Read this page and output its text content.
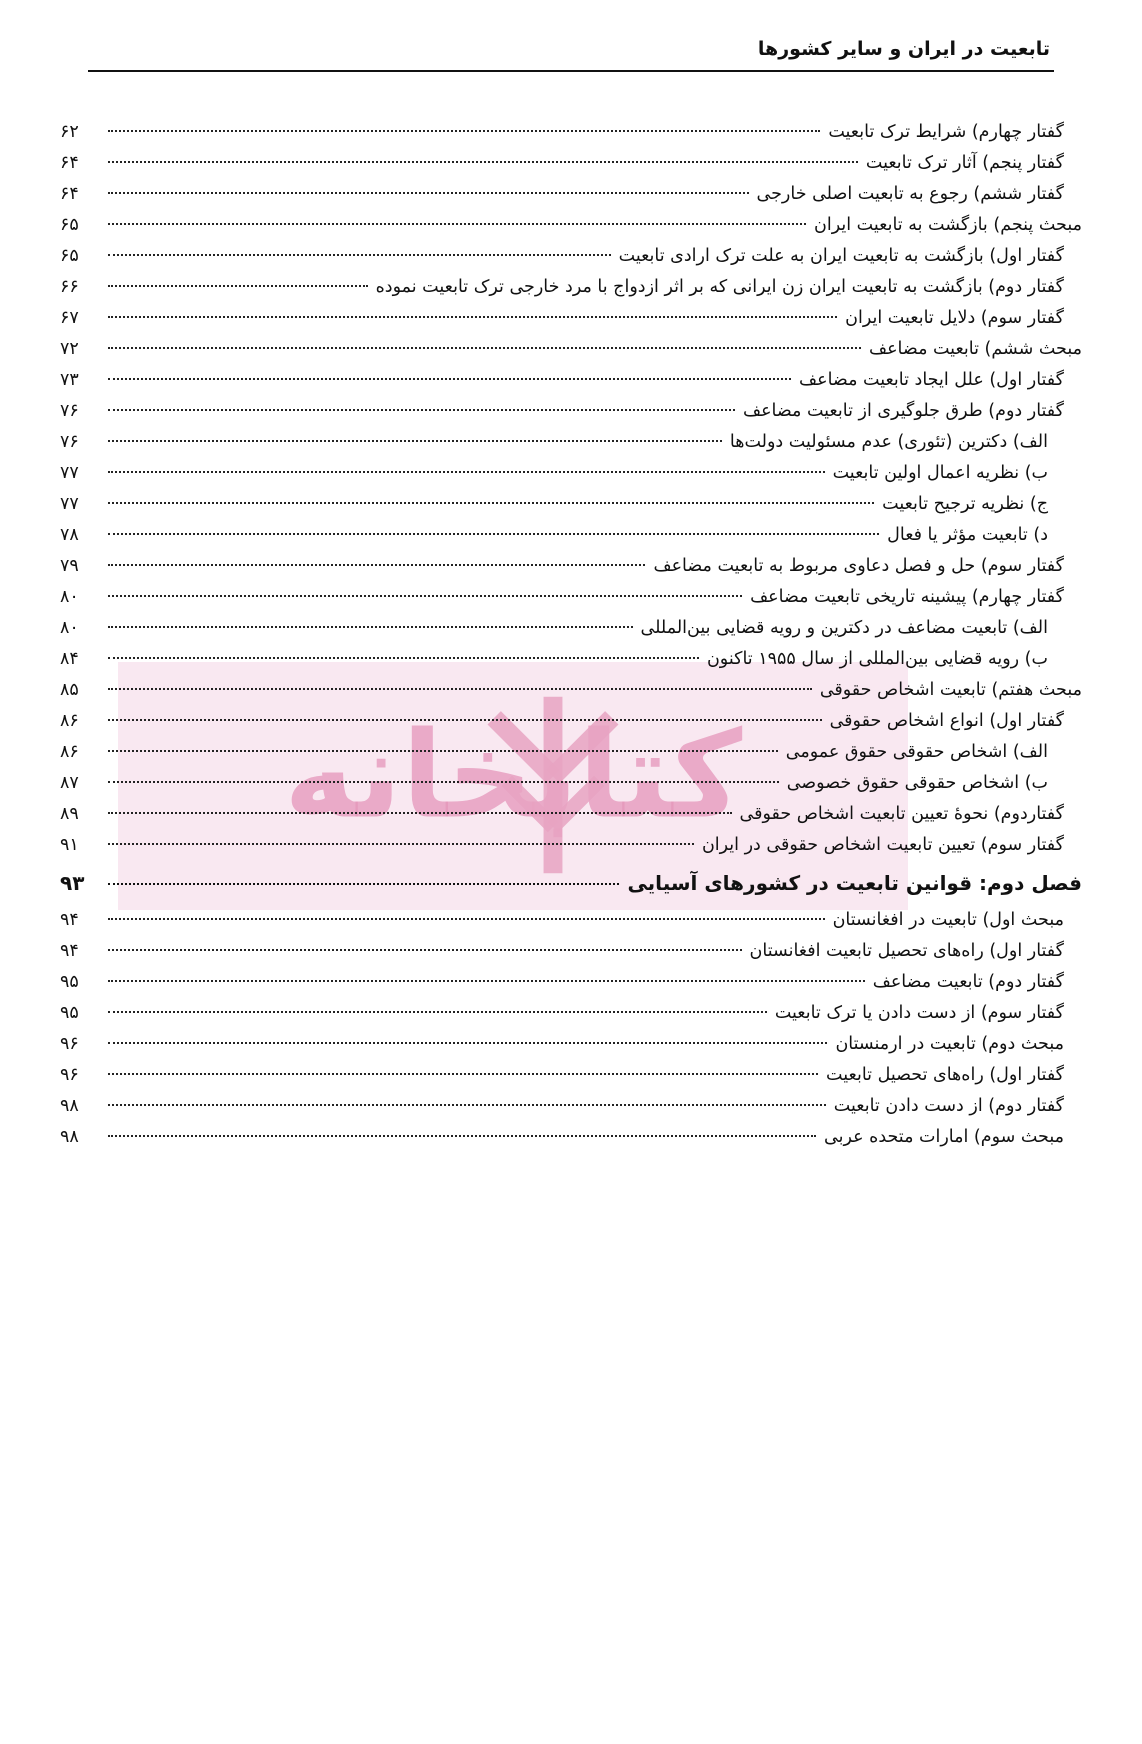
تابعیت در ایران و سایر کشورها
کتابخانه
گفتار چهارم) شرایط ترک تابعیت
۶۲
گفتار پنجم) آثار ترک تابعیت
۶۴
گفتار ششم) رجوع به تابعیت اصلی خارجی
۶۴
مبحث پنجم) بازگشت به تابعیت ایران
۶۵
گفتار اول) بازگشت به تابعیت ایران به علت ترک ارادی تابعیت
۶۵
گفتار دوم) بازگشت به تابعیت ایران زن ایرانی که بر اثر ازدواج با مرد خارجی ترک تابعیت نموده
۶۶
گفتار سوم) دلایل تابعیت ایران
۶۷
مبحث ششم) تابعیت مضاعف
۷۲
گفتار اول) علل ایجاد تابعیت مضاعف
۷۳
گفتار دوم) طرق جلوگیری از تابعیت مضاعف
۷۶
الف) دکترین (تئوری) عدم مسئولیت دولت‌ها
۷۶
ب) نظریه اعمال اولین تابعیت
۷۷
ج) نظریه ترجیح تابعیت
۷۷
د) تابعیت مؤثر یا فعال
۷۸
گفتار سوم) حل و فصل دعاوی مربوط به تابعیت مضاعف
۷۹
گفتار چهارم) پیشینه تاریخی تابعیت مضاعف
۸۰
الف) تابعیت مضاعف در دکترین و رویه قضایی بین‌المللی
۸۰
ب) رویه قضایی بین‌المللی از سال ۱۹۵۵ تاکنون
۸۴
مبحث هفتم) تابعیت اشخاص حقوقی
۸۵
گفتار اول) انواع اشخاص حقوقی
۸۶
الف) اشخاص حقوقی حقوق عمومی
۸۶
ب) اشخاص حقوقی حقوق خصوصی
۸۷
گفتاردوم) نحوهٔ تعیین تابعیت اشخاص حقوقی
۸۹
گفتار سوم) تعیین تابعیت اشخاص حقوقی در ایران
۹۱
فصل دوم: قوانین تابعیت در کشورهای آسیایی
۹۳
مبحث اول) تابعیت در افغانستان
۹۴
گفتار اول) راه‌های تحصیل تابعیت افغانستان
۹۴
گفتار دوم) تابعیت مضاعف
۹۵
گفتار سوم) از دست دادن یا ترک تابعیت
۹۵
مبحث دوم) تابعیت در ارمنستان
۹۶
گفتار اول) راه‌های تحصیل تابعیت
۹۶
گفتار دوم) از دست دادن تابعیت
۹۸
مبحث سوم) امارات متحده عربی
۹۸
